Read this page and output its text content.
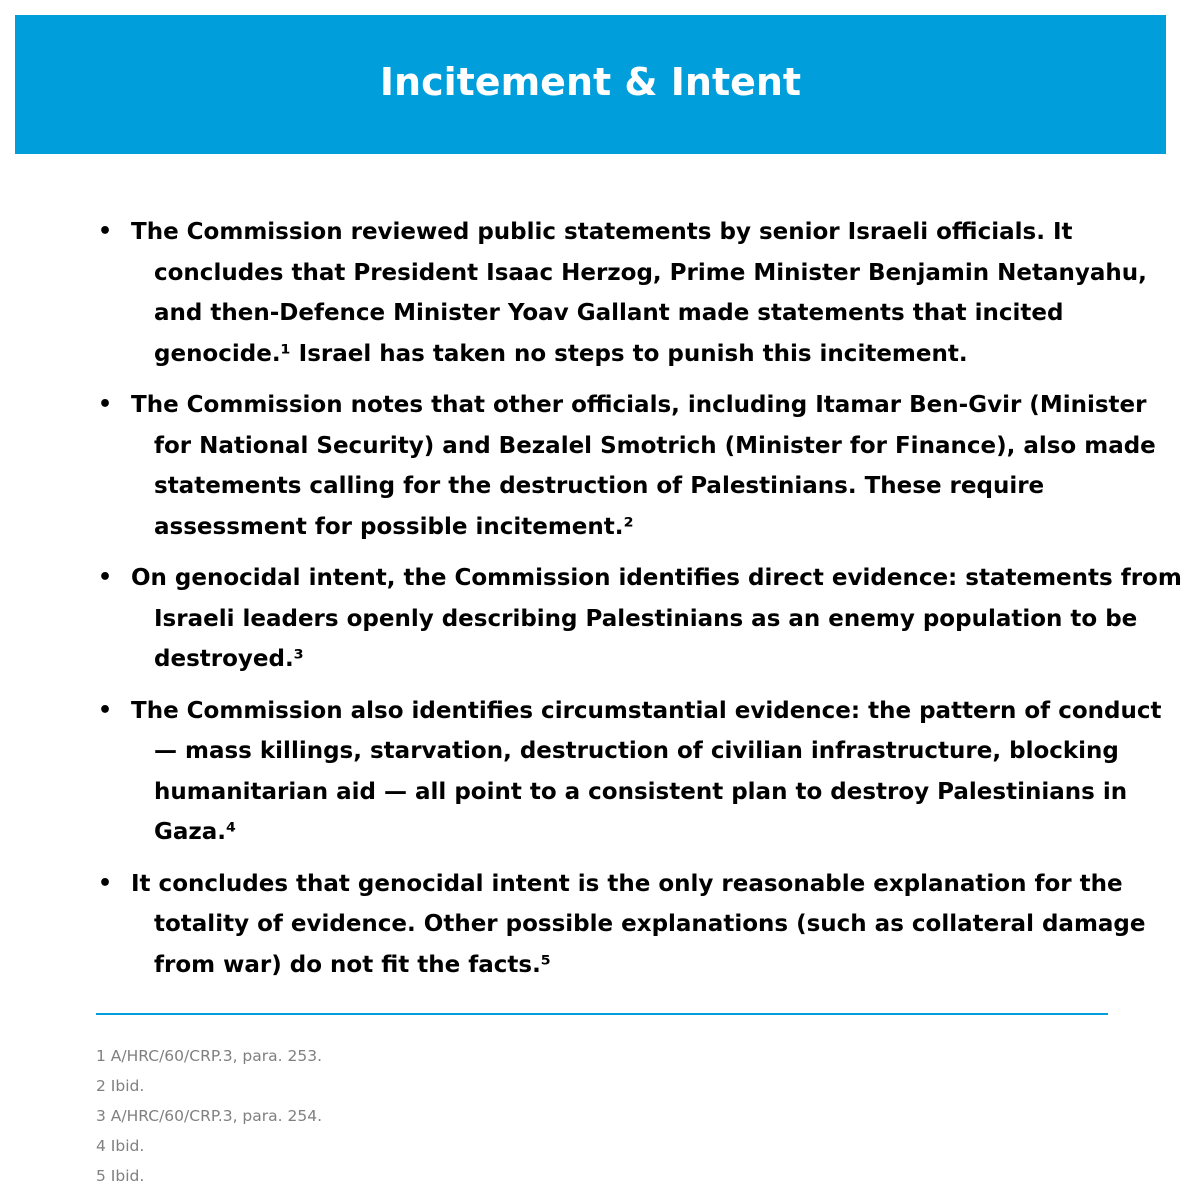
Incitement & Intent
• The Commission reviewed public statements by senior Israeli officials. It concludes that President Isaac Herzog, Prime Minister Benjamin Netanyahu, and then-Defence Minister Yoav Gallant made statements that incited genocide.¹ Israel has taken no steps to punish this incitement.
• The Commission notes that other officials, including Itamar Ben-Gvir (Minister for National Security) and Bezalel Smotrich (Minister for Finance), also made statements calling for the destruction of Palestinians. These require assessment for possible incitement.²
• On genocidal intent, the Commission identifies direct evidence: statements from Israeli leaders openly describing Palestinians as an enemy population to be destroyed.³
• The Commission also identifies circumstantial evidence: the pattern of conduct — mass killings, starvation, destruction of civilian infrastructure, blocking humanitarian aid — all point to a consistent plan to destroy Palestinians in Gaza.⁴
• It concludes that genocidal intent is the only reasonable explanation for the totality of evidence. Other possible explanations (such as collateral damage from war) do not fit the facts.⁵
1 A/HRC/60/CRP.3, para. 253.
2 Ibid.
3 A/HRC/60/CRP.3, para. 254.
4 Ibid.
5 Ibid.
